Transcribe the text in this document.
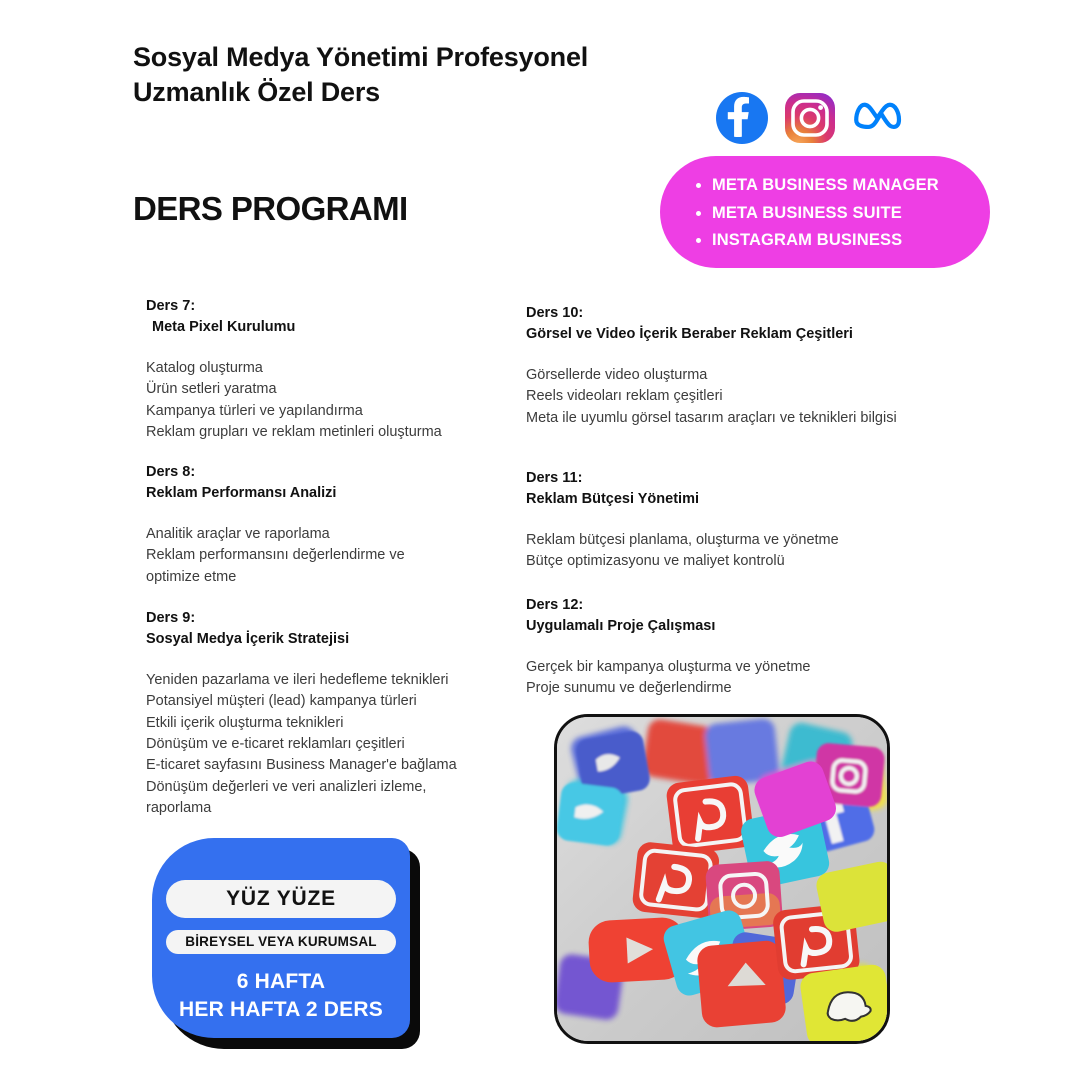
Sosyal Medya Yönetimi Profesyonel
Uzmanlık Özel Ders
DERS PROGRAMI
META BUSINESS MANAGER
META BUSINESS SUITE
INSTAGRAM BUSINESS
Ders 7:
Meta Pixel Kurulumu
Katalog oluşturma
Ürün setleri yaratma
Kampanya türleri ve yapılandırma
Reklam grupları ve reklam metinleri oluşturma
Ders 8:
Reklam Performansı Analizi
Analitik araçlar ve raporlama
Reklam performansını değerlendirme ve
optimize etme
Ders 9:
Sosyal Medya İçerik Stratejisi
Yeniden pazarlama ve ileri hedefleme teknikleri
Potansiyel müşteri (lead) kampanya türleri
Etkili içerik oluşturma teknikleri
Dönüşüm ve e-ticaret reklamları çeşitleri
E-ticaret sayfasını Business Manager'e bağlama
Dönüşüm değerleri ve veri analizleri izleme,
raporlama
Ders 10:
Görsel ve Video İçerik Beraber Reklam Çeşitleri
Görsellerde video oluşturma
Reels videoları reklam çeşitleri
Meta ile uyumlu görsel tasarım araçları ve teknikleri bilgisi
Ders 11:
Reklam Bütçesi Yönetimi
Reklam bütçesi planlama, oluşturma ve yönetme
Bütçe optimizasyonu ve maliyet kontrolü
Ders 12:
Uygulamalı Proje Çalışması
Gerçek bir kampanya oluşturma ve yönetme
Proje sunumu ve değerlendirme
YÜZ YÜZE
BİREYSEL VEYA KURUMSAL
6 HAFTA
HER HAFTA 2 DERS
